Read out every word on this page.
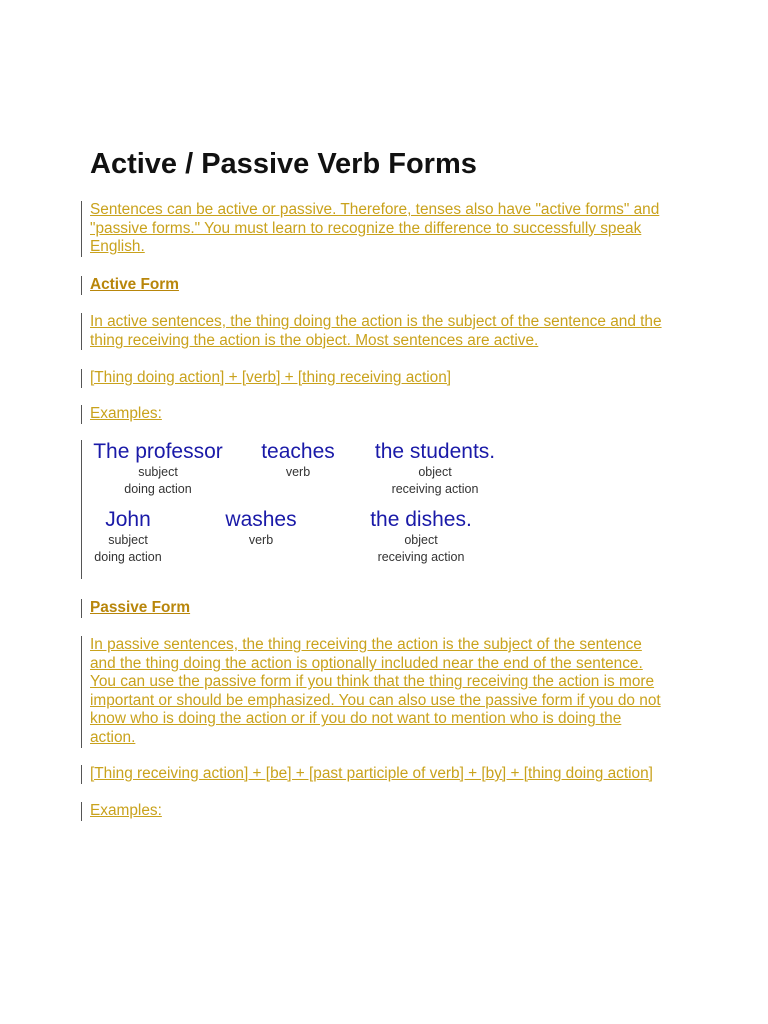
Active / Passive Verb Forms

Sentences can be active or passive. Therefore, tenses also have "active forms" and
"passive forms." You must learn to recognize the difference to successfully speak
English.

Active Form

In active sentences, the thing doing the action is the subject of the sentence and the
thing receiving the action is the object. Most sentences are active.

[Thing doing action] + [verb] + [thing receiving action]

Examples:

The professor
subject
doing action
teaches
verb
the students.
object
receiving action
John
subject
doing action
washes
verb
the dishes.
object
receiving action

Passive Form

In passive sentences, the thing receiving the action is the subject of the sentence
and the thing doing the action is optionally included near the end of the sentence.
You can use the passive form if you think that the thing receiving the action is more
important or should be emphasized. You can also use the passive form if you do not
know who is doing the action or if you do not want to mention who is doing the
action.

[Thing receiving action] + [be] + [past participle of verb] + [by] + [thing doing action]

Examples:
